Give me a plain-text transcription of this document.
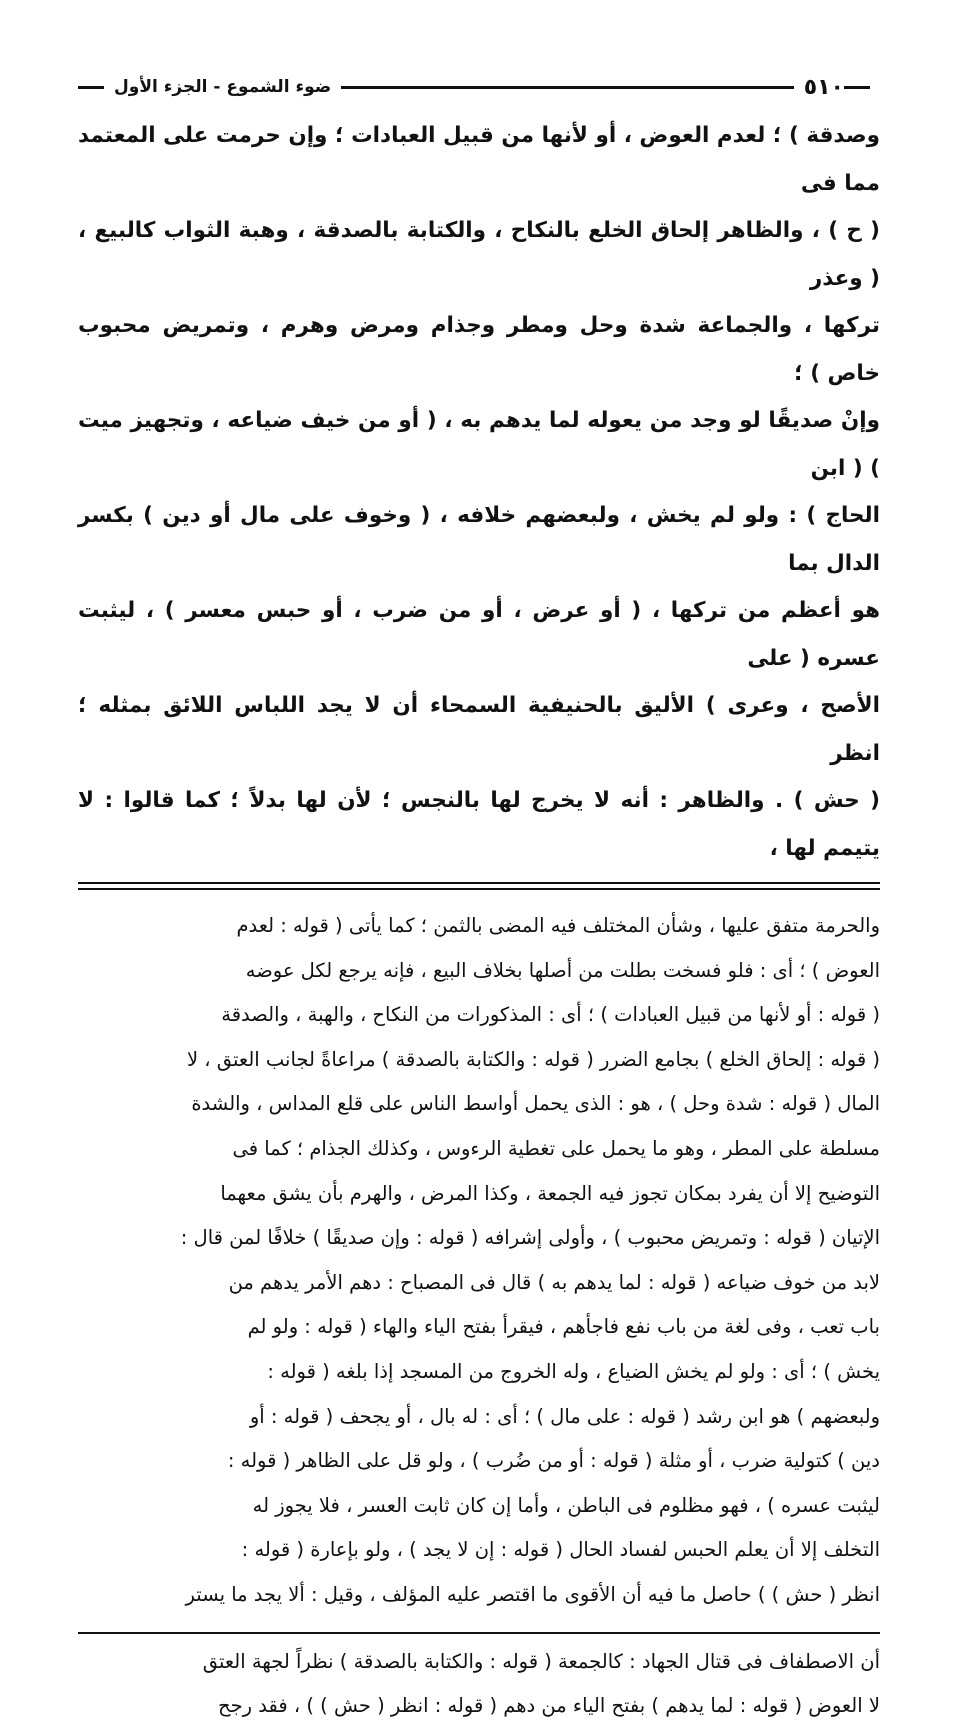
٥١٠
ضوء الشموع - الجزء الأول

وصدقة ) ؛ لعدم العوض ، أو لأنها من قبيل العبادات ؛ وإن حرمت على المعتمد مما فى

( ح ) ، والظاهر إلحاق الخلع بالنكاح ، والكتابة بالصدقة ، وهبة الثواب كالبيع ، ( وعذر

تركها ، والجماعة شدة وحل ومطر وجذام ومرض وهرم ، وتمريض محبوب خاص ) ؛

وإنْ صديقًا لو وجد من يعوله لما يدهم به ، ( أو من خيف ضياعه ، وتجهيز ميت ) ( ابن

الحاج ) : ولو لم يخش ، ولبعضهم خلافه ، ( وخوف على مال أو دين ) بكسر الدال بما

هو أعظم من تركها ، ( أو عرض ، أو من ضرب ، أو حبس معسر ) ، ليثبت عسره ( على

الأصح ، وعرى ) الأليق بالحنيفية السمحاء أن لا يجد اللباس اللائق بمثله ؛ انظر

( حش ) . والظاهر : أنه لا يخرج لها بالنجس ؛ لأن لها بدلاً ؛ كما قالوا : لا يتيمم لها ،

والحرمة متفق عليها ، وشأن المختلف فيه المضى بالثمن ؛ كما يأتى ( قوله : لعدم

العوض ) ؛ أى : فلو فسخت بطلت من أصلها بخلاف البيع ، فإنه يرجع لكل عوضه

( قوله : أو لأنها من قبيل العبادات ) ؛ أى : المذكورات من النكاح ، والهبة ، والصدقة

( قوله : إلحاق الخلع ) بجامع الضرر ( قوله : والكتابة بالصدقة ) مراعاةً لجانب العتق ، لا

المال ( قوله : شدة وحل ) ، هو : الذى يحمل أواسط الناس على قلع المداس ، والشدة

مسلطة على المطر ، وهو ما يحمل على تغطية الرءوس ، وكذلك الجذام ؛ كما فى

التوضيح إلا أن يفرد بمكان تجوز فيه الجمعة ، وكذا المرض ، والهرم بأن يشق معهما

الإتيان ( قوله : وتمريض محبوب ) ، وأولى إشرافه ( قوله : وإن صديقًا ) خلافًا لمن قال :

لابد من خوف ضياعه ( قوله : لما يدهم به ) قال فى المصباح : دهم الأمر يدهم من

باب تعب ، وفى لغة من باب نفع فاجأهم ، فيقرأ بفتح الياء والهاء ( قوله : ولو لم

يخش ) ؛ أى : ولو لم يخش الضياع ، وله الخروج من المسجد إذا بلغه ( قوله :

ولبعضهم ) هو ابن رشد ( قوله : على مال ) ؛ أى : له بال ، أو يجحف ( قوله : أو

دين ) كتولية ضرب ، أو مثلة ( قوله : أو من ضُرب ) ، ولو قل على الظاهر ( قوله :

ليثبت عسره ) ، فهو مظلوم فى الباطن ، وأما إن كان ثابت العسر ، فلا يجوز له

التخلف إلا أن يعلم الحبس لفساد الحال ( قوله : إن لا يجد ) ، ولو بإعارة ( قوله :

انظر ( حش ) ) حاصل ما فيه أن الأقوى ما اقتصر عليه المؤلف ، وقيل : ألا يجد ما يستر

أن الاصطفاف فى قتال الجهاد : كالجمعة ( قوله : والكتابة بالصدقة ) نظراً لجهة العتق

لا العوض ( قوله : لما يدهم ) بفتح الياء من دهم ( قوله : انظر ( حش ) ) ، فقد رجح
